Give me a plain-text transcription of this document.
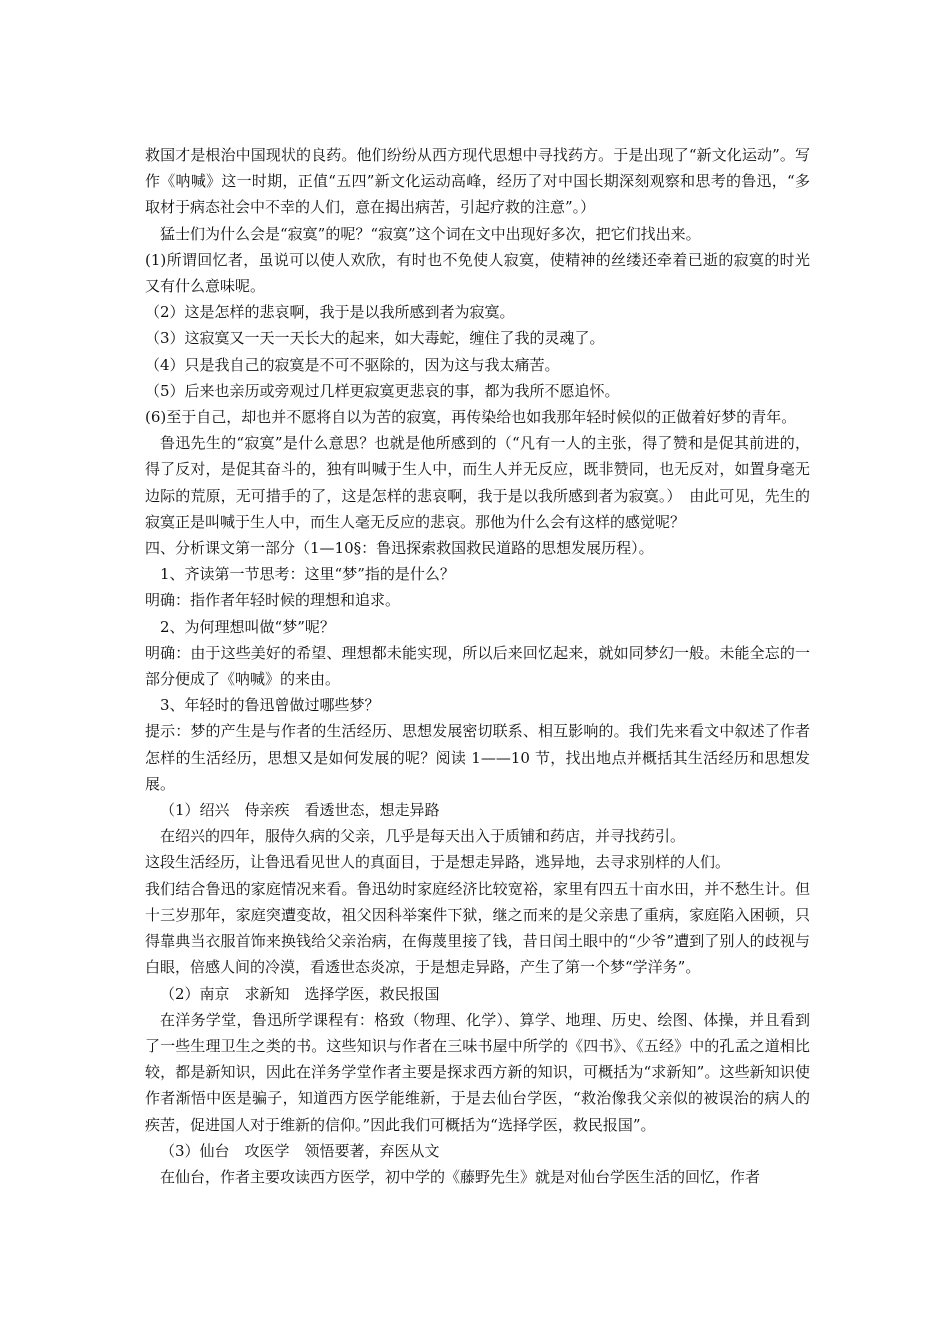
救国才是根治中国现状的良药。他们纷纷从西方现代思想中寻找药方。于是出现了“新文化运动”。写作《呐喊》这一时期，正值“五四”新文化运动高峰，经历了对中国长期深刻观察和思考的鲁迅，“多取材于病态社会中不幸的人们，意在揭出病苦，引起疗救的注意”。）

猛士们为什么会是“寂寞”的呢？“寂寞”这个词在文中出现好多次，把它们找出来。

(1)所谓回忆者，虽说可以使人欢欣，有时也不免使人寂寞，使精神的丝缕还牵着已逝的寂寞的时光又有什么意味呢。

（2）这是怎样的悲哀啊，我于是以我所感到者为寂寞。

（3）这寂寞又一天一天长大的起来，如大毒蛇，缠住了我的灵魂了。

（4）只是我自己的寂寞是不可不驱除的，因为这与我太痛苦。

（5）后来也亲历或旁观过几样更寂寞更悲哀的事，都为我所不愿追怀。

(6)至于自己，却也并不愿将自以为苦的寂寞，再传染给也如我那年轻时候似的正做着好梦的青年。

鲁迅先生的“寂寞”是什么意思？也就是他所感到的（“凡有一人的主张，得了赞和是促其前进的，得了反对，是促其奋斗的，独有叫喊于生人中，而生人并无反应，既非赞同，也无反对，如置身毫无边际的荒原，无可措手的了，这是怎样的悲哀啊，我于是以我所感到者为寂寞。）　由此可见，先生的寂寞正是叫喊于生人中，而生人毫无反应的悲哀。那他为什么会有这样的感觉呢？

四、分析课文第一部分（1—10§：鲁迅探索救国救民道路的思想发展历程）。

1、齐读第一节思考：这里“梦”指的是什么？

明确：指作者年轻时候的理想和追求。

2、为何理想叫做“梦”呢？

明确：由于这些美好的希望、理想都未能实现，所以后来回忆起来，就如同梦幻一般。未能全忘的一部分便成了《呐喊》的来由。

3、年轻时的鲁迅曾做过哪些梦？

提示：梦的产生是与作者的生活经历、思想发展密切联系、相互影响的。我们先来看文中叙述了作者怎样的生活经历，思想又是如何发展的呢？阅读 1——10 节，找出地点并概括其生活经历和思想发展。

（1）绍兴　侍亲疾　看透世态，想走异路

在绍兴的四年，服侍久病的父亲，几乎是每天出入于质铺和药店，并寻找药引。

这段生活经历，让鲁迅看见世人的真面目，于是想走异路，逃异地，去寻求别样的人们。

我们结合鲁迅的家庭情况来看。鲁迅幼时家庭经济比较宽裕，家里有四五十亩水田，并不愁生计。但十三岁那年，家庭突遭变故，祖父因科举案件下狱，继之而来的是父亲患了重病，家庭陷入困顿，只得靠典当衣服首饰来换钱给父亲治病，在侮蔑里接了钱，昔日闰土眼中的“少爷”遭到了别人的歧视与白眼，倍感人间的冷漠，看透世态炎凉，于是想走异路，产生了第一个梦“学洋务”。

（2）南京　求新知　选择学医，救民报国

在洋务学堂，鲁迅所学课程有：格致（物理、化学）、算学、地理、历史、绘图、体操，并且看到了一些生理卫生之类的书。这些知识与作者在三味书屋中所学的《四书》、《五经》中的孔孟之道相比较，都是新知识，因此在洋务学堂作者主要是探求西方新的知识，可概括为“求新知”。这些新知识使作者渐悟中医是骗子，知道西方医学能维新，于是去仙台学医，“救治像我父亲似的被误治的病人的疾苦，促进国人对于维新的信仰。”因此我们可概括为“选择学医，救民报国”。

（3）仙台　攻医学　领悟要著，弃医从文

在仙台，作者主要攻读西方医学，初中学的《藤野先生》就是对仙台学医生活的回忆，作者
